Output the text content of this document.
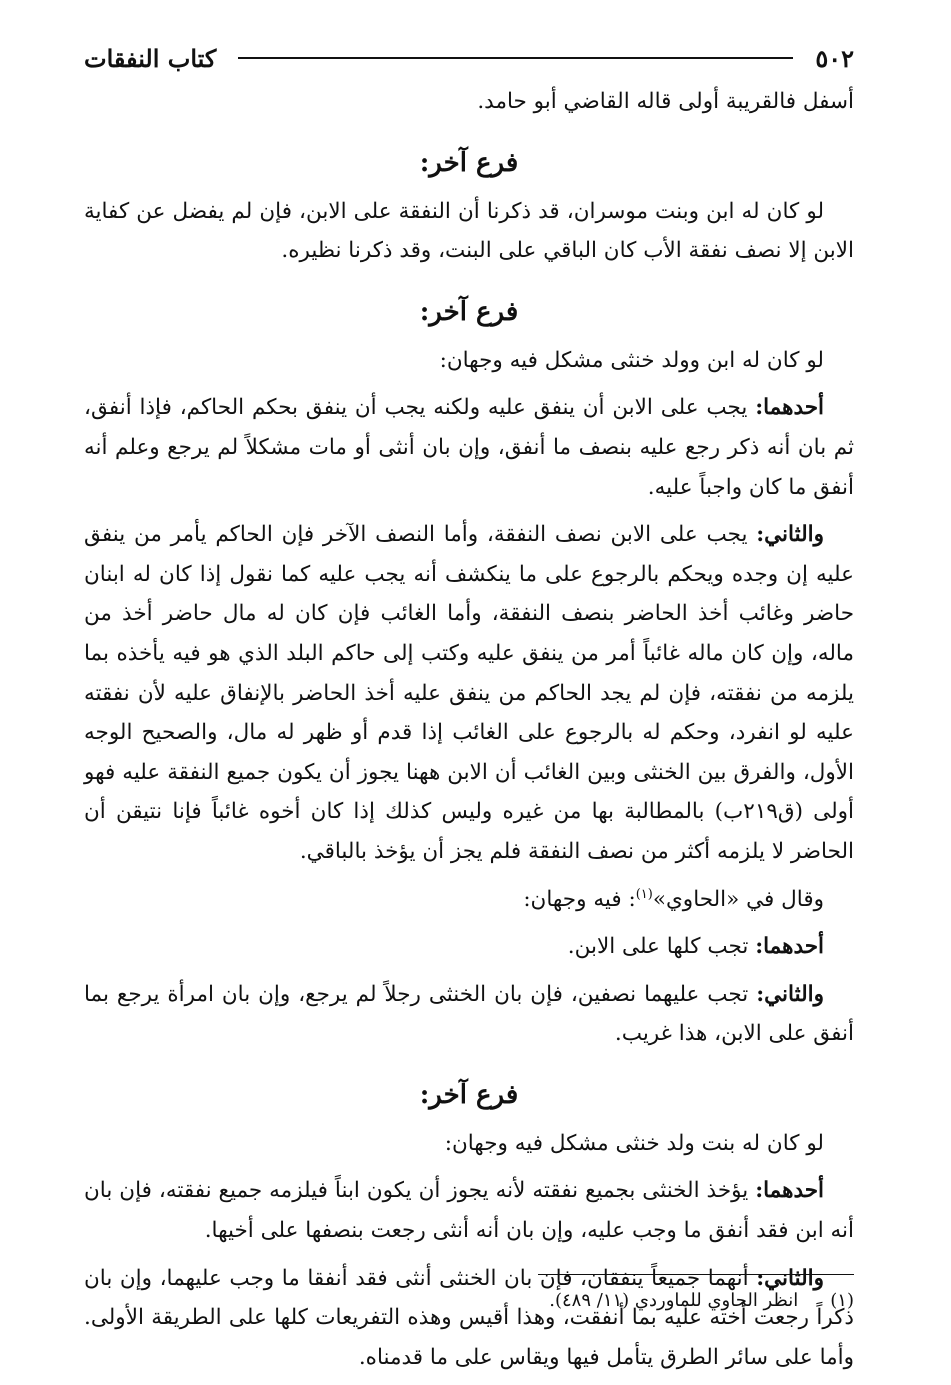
٥٠٢
كتاب النفقات

أسفل فالقريبة أولى قاله القاضي أبو حامد.

فرع آخر:

لو كان له ابن وبنت موسران، قد ذكرنا أن النفقة على الابن، فإن لم يفضل عن كفاية الابن إلا نصف نفقة الأب كان الباقي على البنت، وقد ذكرنا نظيره.

فرع آخر:

لو كان له ابن وولد خنثى مشكل فيه وجهان:

أحدهما: يجب على الابن أن ينفق عليه ولكنه يجب أن ينفق بحكم الحاكم، فإذا أنفق، ثم بان أنه ذكر رجع عليه بنصف ما أنفق، وإن بان أنثى أو مات مشكلاً لم يرجع وعلم أنه أنفق ما كان واجباً عليه.

والثاني: يجب على الابن نصف النفقة، وأما النصف الآخر فإن الحاكم يأمر من ينفق عليه إن وجده ويحكم بالرجوع على ما ينكشف أنه يجب عليه كما نقول إذا كان له ابنان حاضر وغائب أخذ الحاضر بنصف النفقة، وأما الغائب فإن كان له مال حاضر أخذ من ماله، وإن كان ماله غائباً أمر من ينفق عليه وكتب إلى حاكم البلد الذي هو فيه يأخذه بما يلزمه من نفقته، فإن لم يجد الحاكم من ينفق عليه أخذ الحاضر بالإنفاق عليه لأن نفقته عليه لو انفرد، وحكم له بالرجوع على الغائب إذا قدم أو ظهر له مال، والصحيح الوجه الأول، والفرق بين الخنثى وبين الغائب أن الابن ههنا يجوز أن يكون جميع النفقة عليه فهو أولى (ق٢١٩ب) بالمطالبة بها من غيره وليس كذلك إذا كان أخوه غائباً فإنا نتيقن أن الحاضر لا يلزمه أكثر من نصف النفقة فلم يجز أن يؤخذ بالباقي.

وقال في «الحاوي»$^{(١)}$: فيه وجهان:

أحدهما: تجب كلها على الابن.

والثاني: تجب عليهما نصفين، فإن بان الخنثى رجلاً لم يرجع، وإن بان امرأة يرجع بما أنفق على الابن، هذا غريب.

فرع آخر:

لو كان له بنت ولد خنثى مشكل فيه وجهان:

أحدهما: يؤخذ الخنثى بجميع نفقته لأنه يجوز أن يكون ابناً فيلزمه جميع نفقته، فإن بان أنه ابن فقد أنفق ما وجب عليه، وإن بان أنه أنثى رجعت بنصفها على أخيها.

والثاني: أنهما جميعاً ينفقان، فإن بان الخنثى أنثى فقد أنفقا ما وجب عليهما، وإن بان ذكراً رجعت أخته عليه بما أنفقت، وهذا أقيس وهذه التفريعات كلها على الطريقة الأولى. وأما على سائر الطرق يتأمل فيها ويقاس على ما قدمناه.

(١)انظر الحاوي للماوردي (١١/ ٤٨٩).
